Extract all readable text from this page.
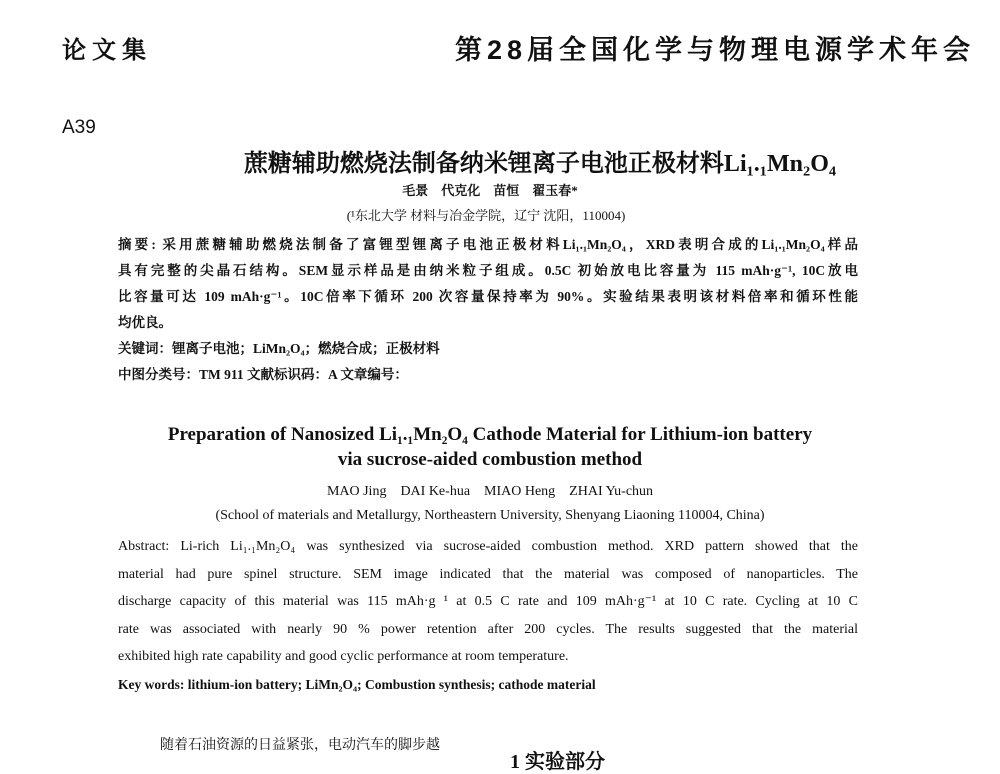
论文集	第28届全国化学与物理电源学术年会
A39
蔗糖辅助燃烧法制备纳米锂离子电池正极材料Li₁.₁Mn₂O₄
毛景　代克化　苗恒　翟玉春*
(¹东北大学 材料与冶金学院，辽宁 沈阳，110004)
摘要: 采用蔗糖辅助燃烧法制备了富锂型锂离子电池正极材料Li₁.₁Mn₂O₄，XRD表明合成的Li₁.₁Mn₂O₄样品
具有完整的尖晶石结构。SEM显示样品是由纳米粒子组成。0.5C 初始放电比容量为 115 mAh·g⁻¹, 10C放电
比容量可达 109 mAh·g⁻¹。10C倍率下循环 200 次容量保持率为 90%。实验结果表明该材料倍率和循环性能
均优良。
关键词：锂离子电池；LiMn₂O₄；燃烧合成；正极材料
中图分类号：TM 911 文献标识码：A 文章编号：
Preparation of Nanosized Li₁.₁Mn₂O₄ Cathode Material for Lithium-ion battery
via sucrose-aided combustion method
MAO Jing　DAI Ke-hua　MIAO Heng　ZHAI Yu-chun
(School of materials and Metallurgy, Northeastern University, Shenyang Liaoning 110004, China)
Abstract: Li-rich Li₁.₁Mn₂O₄ was synthesized via sucrose-aided combustion method. XRD pattern showed that the
material had pure spinel structure. SEM image indicated that the material was composed of nanoparticles. The
discharge capacity of this material was 115 mAh·g ¹ at 0.5 C rate and 109 mAh·g⁻¹ at 10 C rate. Cycling at 10 C
rate was associated with nearly 90 % power retention after 200 cycles. The results suggested that the material
exhibited high rate capability and good cyclic performance at room temperature.
Key words: lithium-ion battery; LiMn₂O₄; Combustion synthesis; cathode material
随着石油资源的日益紧张，电动汽车的脚步越
1 实验部分
